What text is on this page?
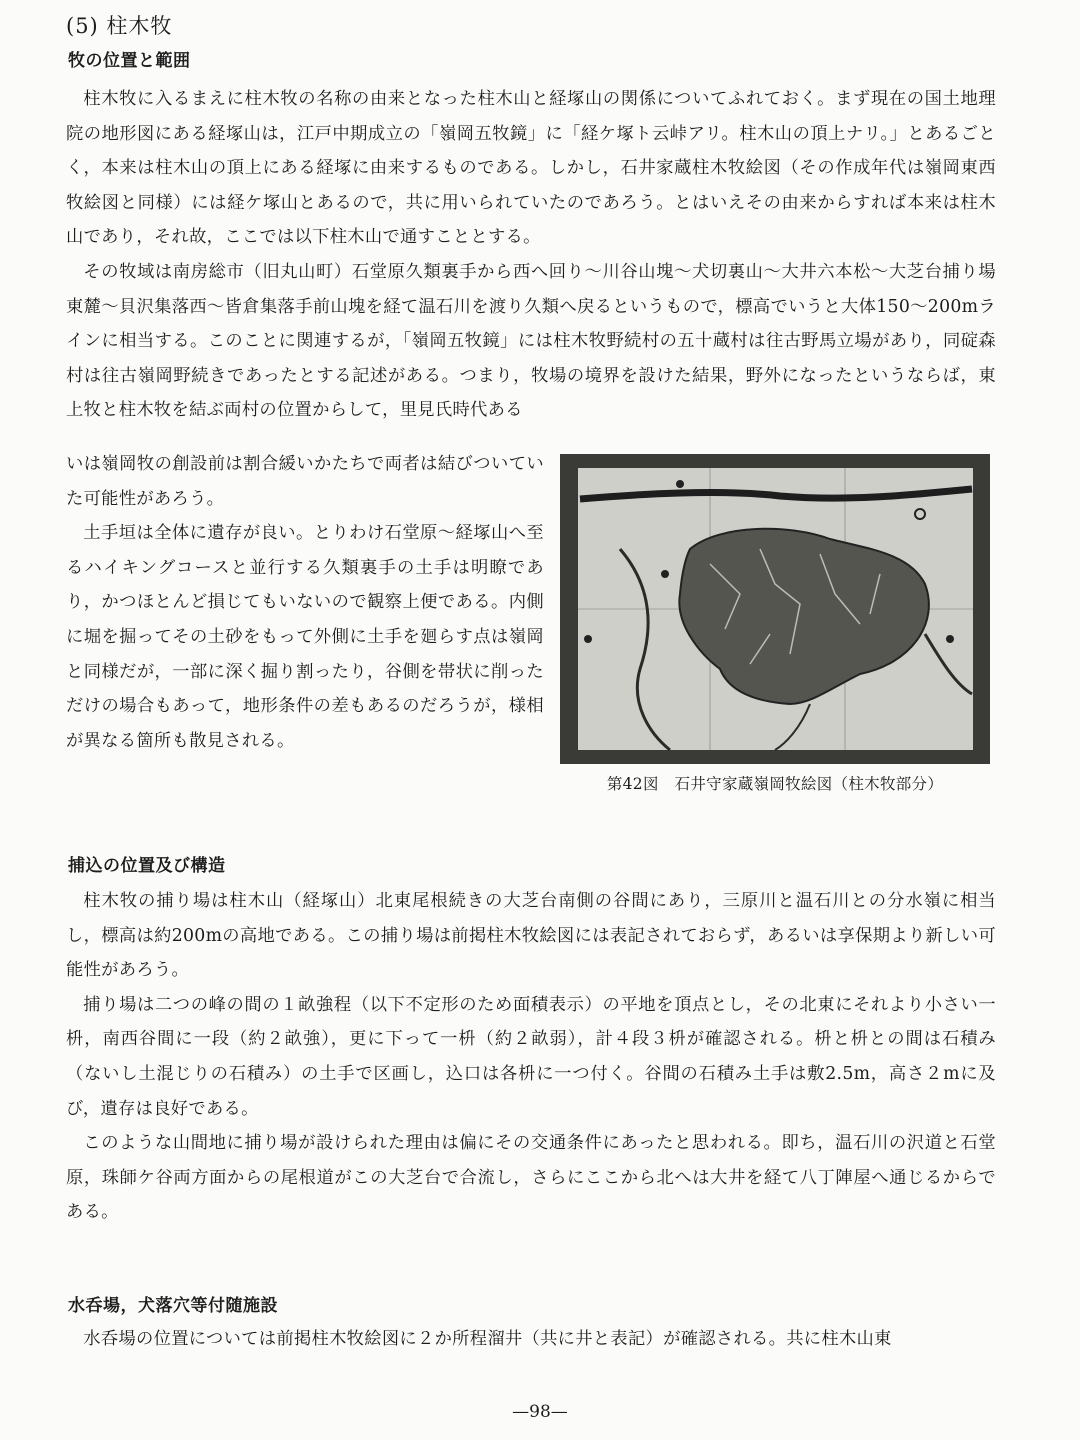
(5) 柱木牧
牧の位置と範囲

柱木牧に入るまえに柱木牧の名称の由来となった柱木山と経塚山の関係についてふれておく。まず現在の国土地理院の地形図にある経塚山は，江戸中期成立の「嶺岡五牧鏡」に「経ケ塚ト云峠アリ。柱木山の頂上ナリ。」とあるごとく，本来は柱木山の頂上にある経塚に由来するものである。しかし，石井家蔵柱木牧絵図（その作成年代は嶺岡東西牧絵図と同様）には経ケ塚山とあるので，共に用いられていたのであろう。とはいえその由来からすれば本来は柱木山であり，それ故，ここでは以下柱木山で通すこととする。

その牧域は南房総市（旧丸山町）石堂原久類裏手から西へ回り～川谷山塊～犬切裏山～大井六本松～大芝台捕り場東麓～貝沢集落西～皆倉集落手前山塊を経て温石川を渡り久類へ戻るというもので，標高でいうと大体150～200mラインに相当する。このことに関連するが，「嶺岡五牧鏡」には柱木牧野続村の五十蔵村は往古野馬立場があり，同碇森村は往古嶺岡野続きであったとする記述がある。つまり，牧場の境界を設けた結果，野外になったというならば，東上牧と柱木牧を結ぶ両村の位置からして，里見氏時代ある

いは嶺岡牧の創設前は割合緩いかたちで両者は結びついていた可能性があろう。

土手垣は全体に遺存が良い。とりわけ石堂原～経塚山へ至るハイキングコースと並行する久類裏手の土手は明瞭であり，かつほとんど損じてもいないので観察上便である。内側に堀を掘ってその土砂をもって外側に土手を廻らす点は嶺岡と同様だが，一部に深く掘り割ったり，谷側を帯状に削っただけの場合もあって，地形条件の差もあるのだろうが，様相が異なる箇所も散見される。

第42図　石井守家蔵嶺岡牧絵図（柱木牧部分）
捕込の位置及び構造

柱木牧の捕り場は柱木山（経塚山）北東尾根続きの大芝台南側の谷間にあり，三原川と温石川との分水嶺に相当し，標高は約200mの高地である。この捕り場は前掲柱木牧絵図には表記されておらず，あるいは享保期より新しい可能性があろう。

捕り場は二つの峰の間の１畝強程（以下不定形のため面積表示）の平地を頂点とし，その北東にそれより小さい一枡，南西谷間に一段（約２畝強），更に下って一枡（約２畝弱），計４段３枡が確認される。枡と枡との間は石積み（ないし土混じりの石積み）の土手で区画し，込口は各枡に一つ付く。谷間の石積み土手は敷2.5m，高さ２mに及び，遺存は良好である。

このような山間地に捕り場が設けられた理由は偏にその交通条件にあったと思われる。即ち，温石川の沢道と石堂原，珠師ケ谷両方面からの尾根道がこの大芝台で合流し，さらにここから北へは大井を経て八丁陣屋へ通じるからである。

水呑場，犬落穴等付随施設

水呑場の位置については前掲柱木牧絵図に２か所程溜井（共に井と表記）が確認される。共に柱木山東

—98—
